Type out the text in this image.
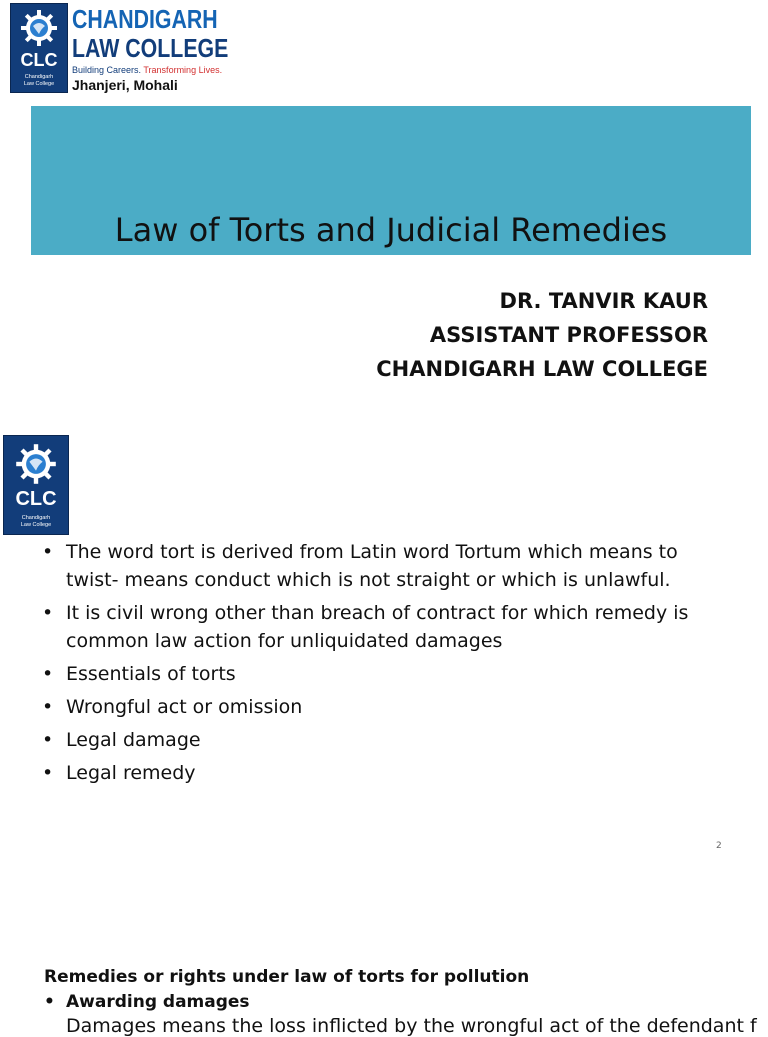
CLC
Chandigarh
Law College
CHANDIGARH
LAW COLLEGE
Building Careers. Transforming Lives.
Jhanjeri, Mohali
Law of Torts and Judicial Remedies
DR. TANVIR KAUR
ASSISTANT PROFESSOR
CHANDIGARH LAW COLLEGE
CLC
Chandigarh
Law College
• The word tort is derived from Latin word Tortum which means to twist- means conduct which is not straight or which is unlawful.
• It is civil wrong other than breach of contract for which remedy is common law action for unliquidated damages
• Essentials of torts
• Wrongful act or omission
• Legal damage
• Legal remedy
2
Remedies or rights under law of torts for pollution
• Awarding damages
Damages means the loss inflicted by the wrongful act of the defendant f
